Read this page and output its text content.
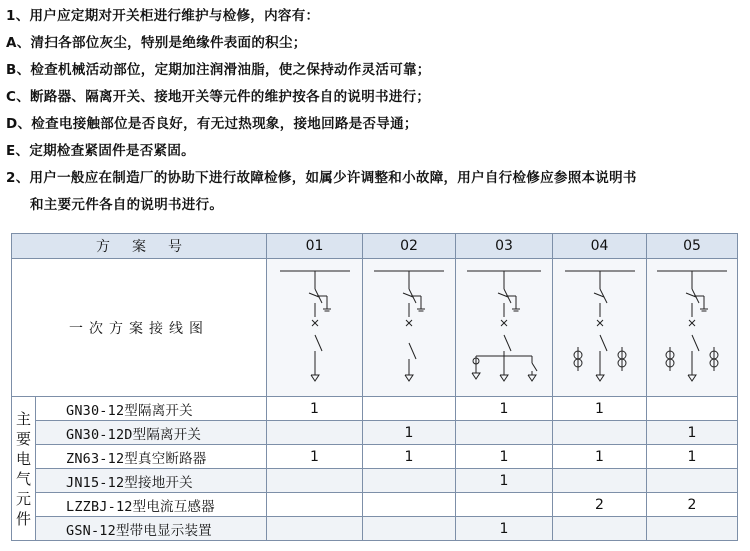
1、用户应定期对开关柜进行维护与检修，内容有：
A、清扫各部位灰尘，特别是绝缘件表面的积尘；
B、检查机械活动部位，定期加注润滑油脂，使之保持动作灵活可靠；
C、断路器、隔离开关、接地开关等元件的维护按各自的说明书进行；
D、检查电接触部位是否良好，有无过热现象，接地回路是否导通；
E、定期检查紧固件是否紧固。
2、用户一般应在制造厂的协助下进行故障检修，如属少许调整和小故障，用户自行检修应参照本说明书
和主要元件各自的说明书进行。
方案号		01	02	03	04	05
一次方案接线图	

主要电气元件	GN30-12型隔离开关	1		1	1	
	GN30-12D型隔离开关		1			1
	ZN63-12型真空断路器	1	1	1	1	1
	JN15-12型接地开关			1		
	LZZBJ-12型电流互感器				2	2
	GSN-12型带电显示装置			1		
